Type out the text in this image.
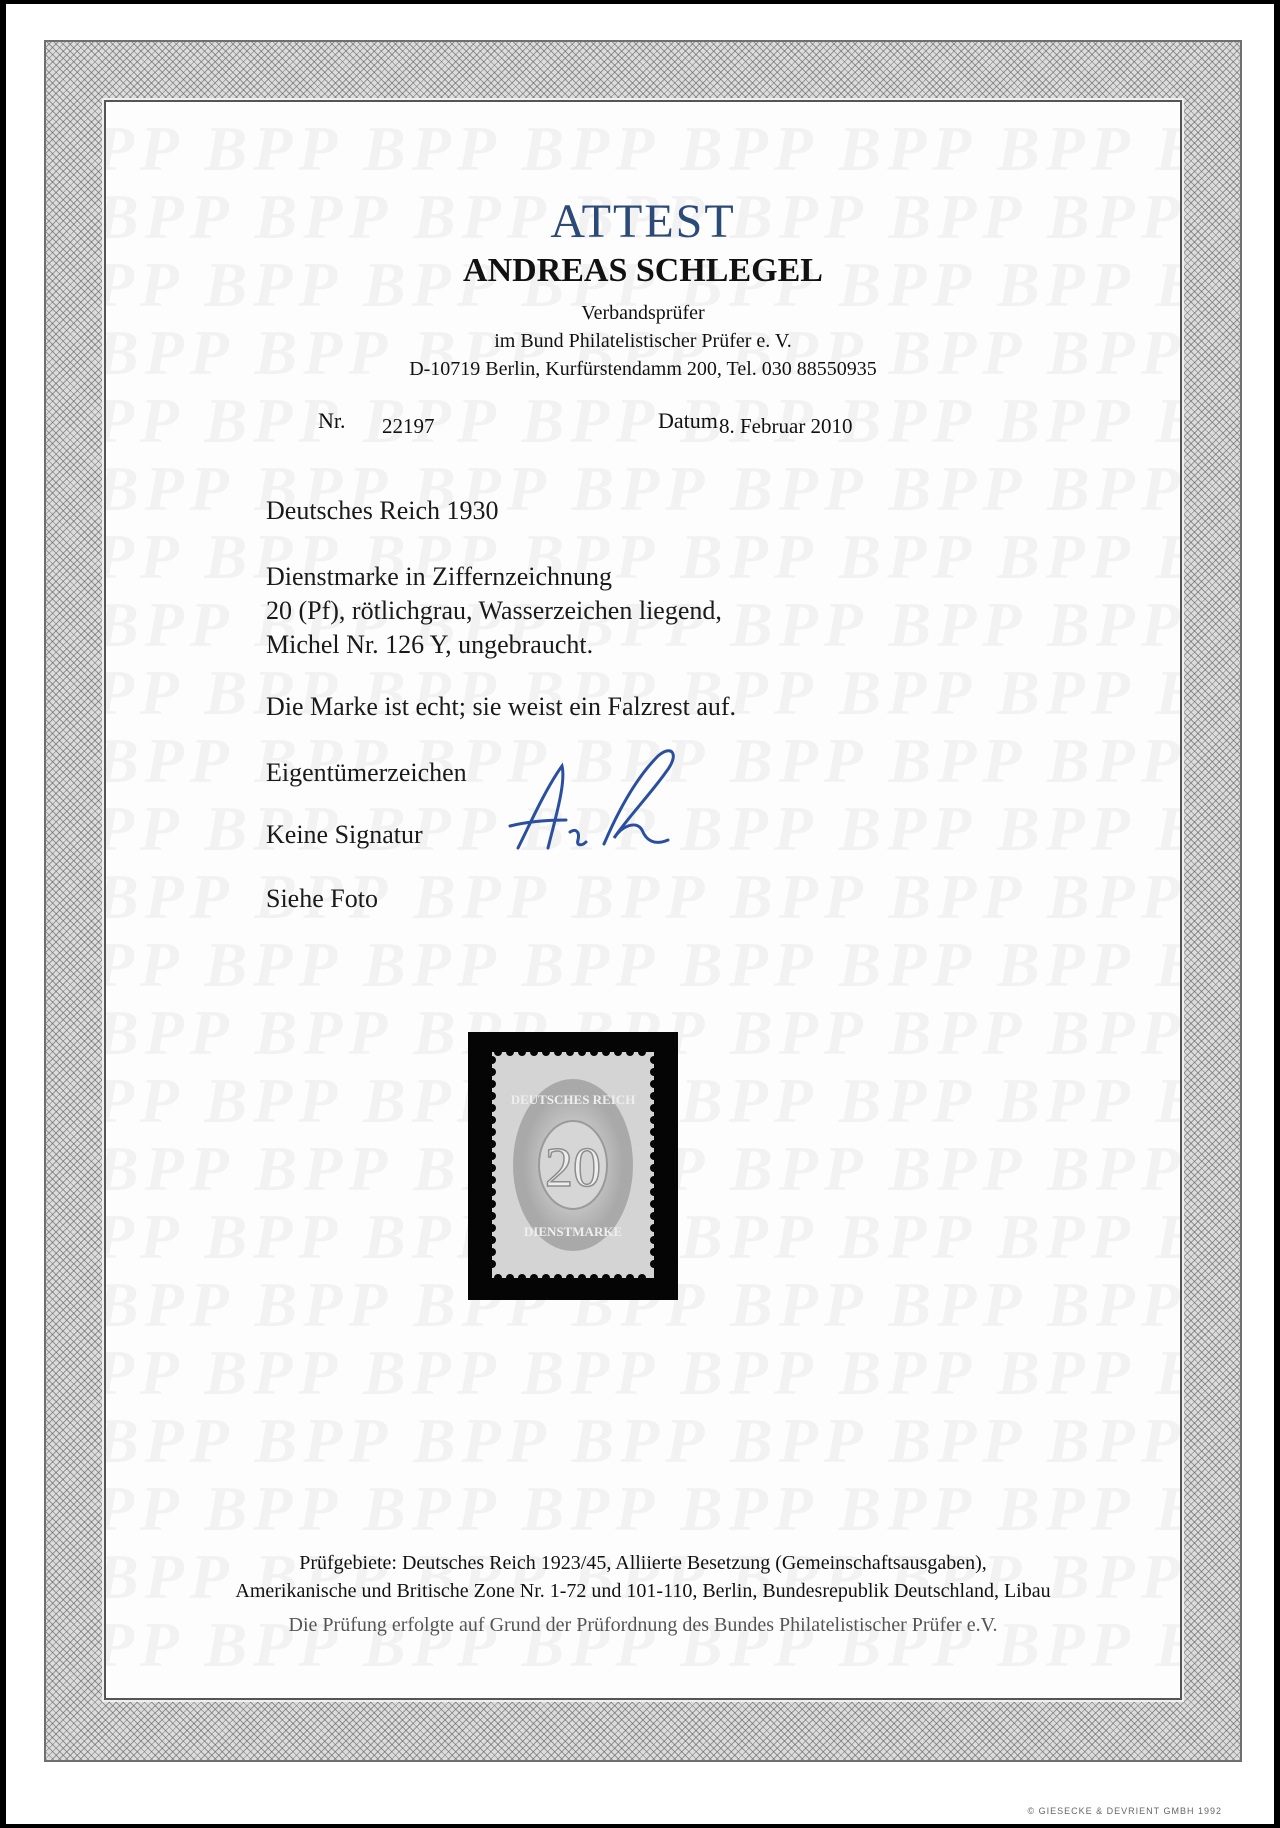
ATTEST
ANDREAS SCHLEGEL
Verbandsprüfer
im Bund Philatelistischer Prüfer e. V.
D-10719 Berlin, Kurfürstendamm 200, Tel. 030 88550935
Nr. 22197	Datum 8. Februar 2010
Deutsches Reich 1930
Dienstmarke in Ziffernzeichnung
20 (Pf), rötlichgrau, Wasserzeichen liegend,
Michel Nr. 126 Y, ungebraucht.
Die Marke ist echt; sie weist ein Falzrest auf.
Eigentümerzeichen
Keine Signatur
Siehe Foto
20
DEUTSCHES REICH
DIENSTMARKE
Prüfgebiete: Deutsches Reich 1923/45, Alliierte Besetzung (Gemeinschaftsausgaben),
Amerikanische und Britische Zone Nr. 1-72 und 101-110, Berlin, Bundesrepublik Deutschland, Libau
Die Prüfung erfolgte auf Grund der Prüfordnung des Bundes Philatelistischer Prüfer e.V.
© GIESECKE & DEVRIENT GMBH 1992
